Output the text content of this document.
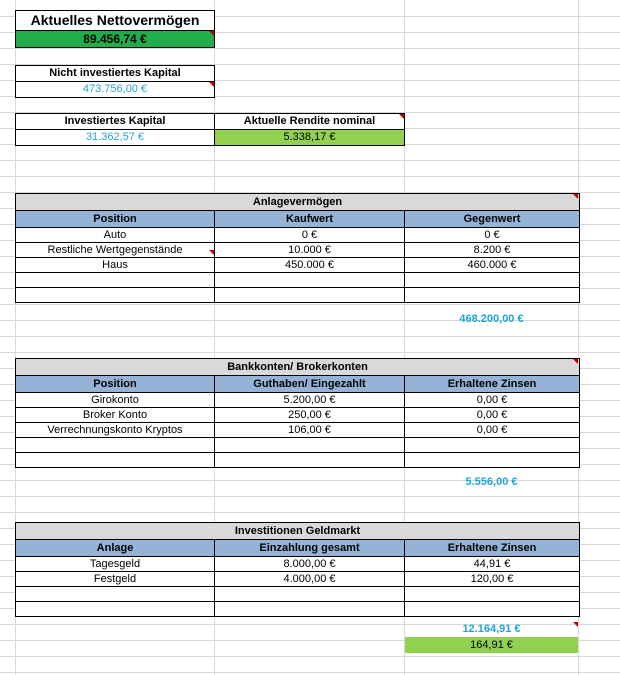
Aktuelles Nettovermögen
89.456,74 €
Nicht investiertes Kapital
473.756,00 €
Investiertes Kapital
31.362,57 €
Aktuelle Rendite nominal
5.338,17 €
Anlagevermögen		
Position	Kaufwert	Gegenwert
Auto	0 €	0 €
Restliche Wertgegenstände	10.000 €	8.200 €
Haus	450.000 €	460.000 €

468.200,00 €
Bankkonten/ Brokerkonten		
Position	Guthaben/ Eingezahlt	Erhaltene Zinsen
Girokonto	5.200,00 €	0,00 €
Broker Konto	250,00 €	0,00 €
Verrechnungskonto Kryptos	106,00 €	0,00 €

5.556,00 €
Investitionen Geldmarkt		
Anlage	Einzahlung gesamt	Erhaltene Zinsen
Tagesgeld	8.000,00 €	44,91 €
Festgeld	4.000,00 €	120,00 €

12.164,91 €
164,91 €
